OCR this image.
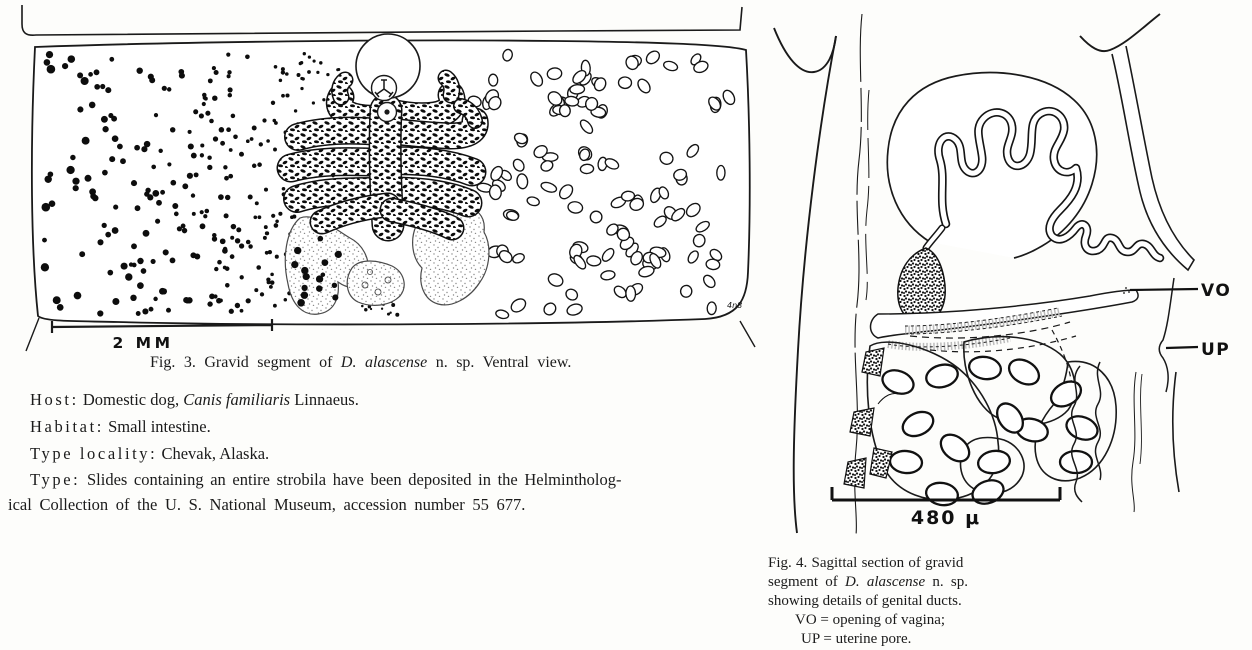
2 MM
4n8
Fig. 3. Gravid segment of D. alascense n. sp. Ventral view.
Host: Domestic dog, Canis familiaris Linnaeus.
Habitat: Small intestine.
Type locality: Chevak, Alaska.
Type: Slides containing an entire strobila have been deposited in the Helmintholog-
ical Collection of the U. S. National Museum, accession number 55 677.
VO
UP
480 μ
Fig. 4. Sagittal section of gravid
segment of D. alascense n. sp.
showing details of genital ducts.
VO = opening of vagina;
UP = uterine pore.
